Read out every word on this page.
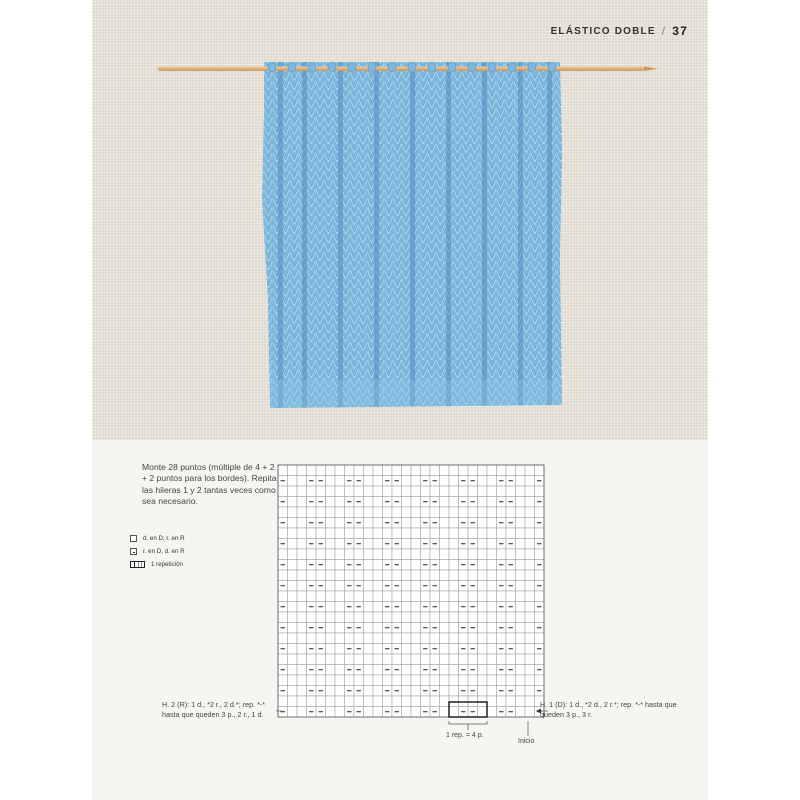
ELÁSTICO DOBLE / 37
Monte 28 puntos (múltiple de 4 + 2 + 2 puntos para los bordes). Repita las hileras 1 y 2 tantas veces como sea necesario.
d. en D, r. en R
r. en D, d. en R
1 repetición
H. 2 (R): 1 d., *2 r., 2 d.*; rep. *-* hasta que queden 3 p., 2 r., 1 d.
H. 1 (D): 1 d., *2 d., 2 r.*; rep. *-* hasta que queden 3 p., 3 r.
1 rep. = 4 p.
Inicio
